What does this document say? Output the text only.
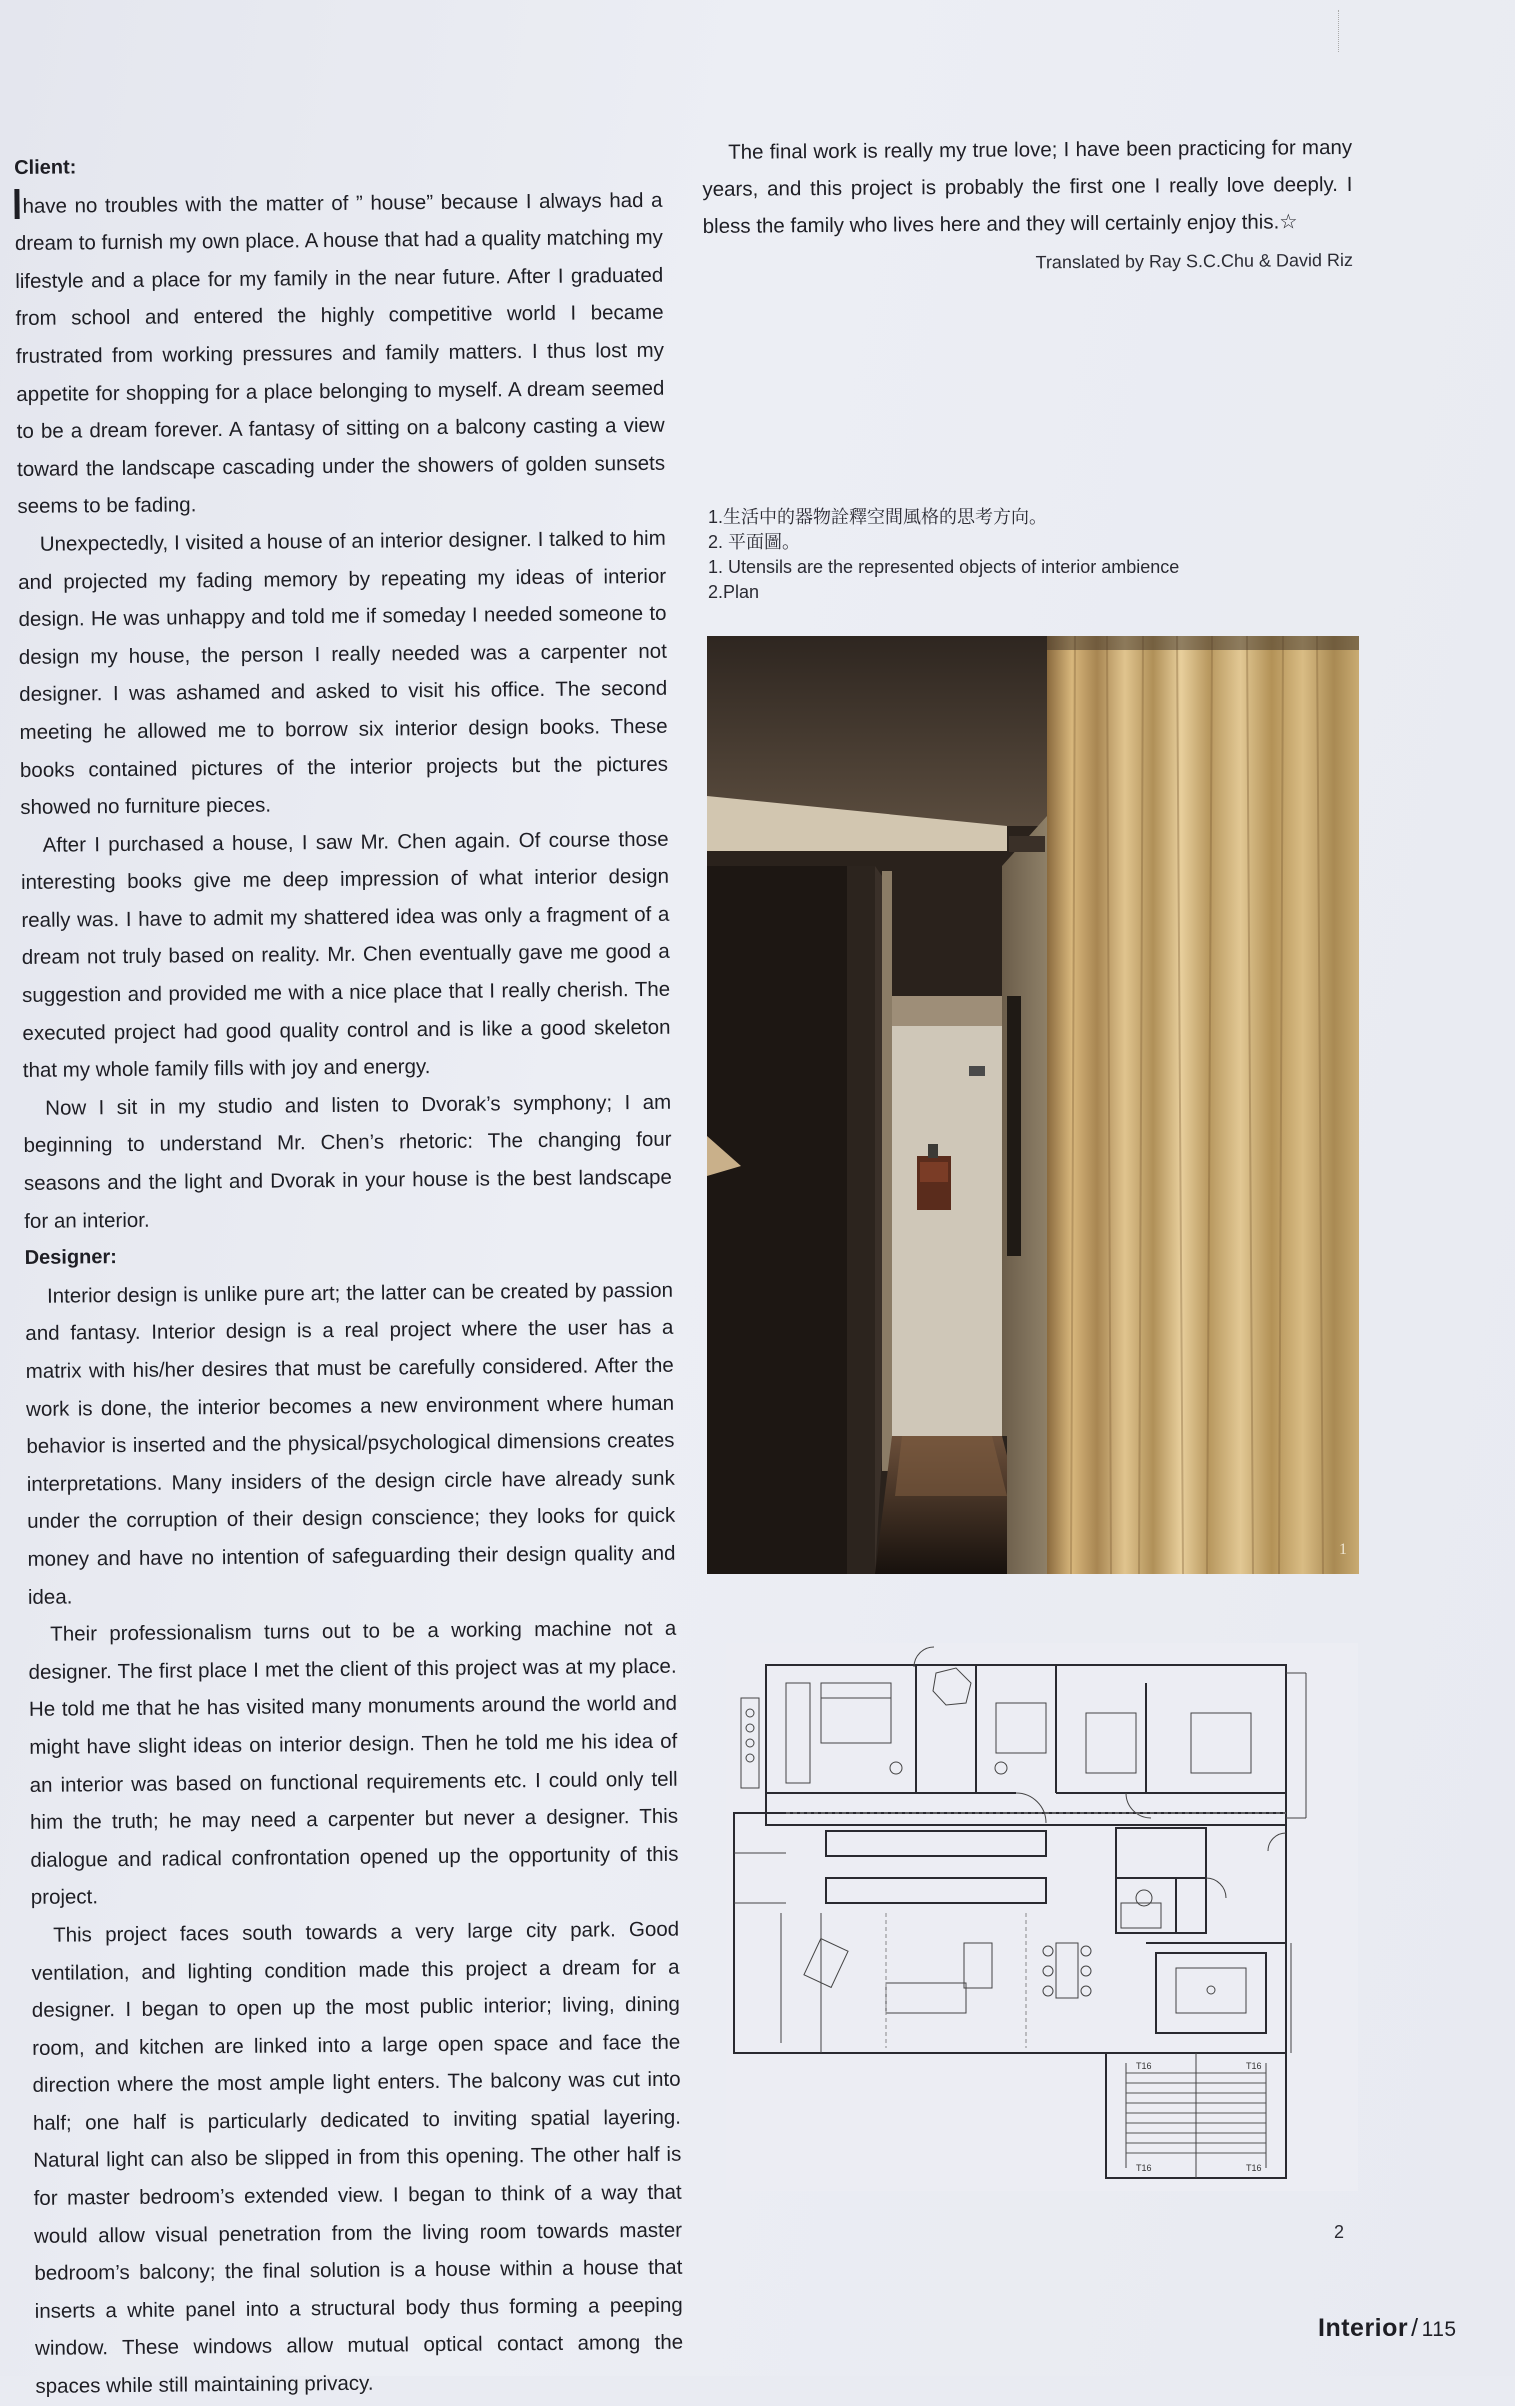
Client:

have no troubles with the matter of ” house” because I always had a dream to furnish my own place. A house that had a quality matching my lifestyle and a place for my family in the near future. After I graduated from school and entered the highly competitive world I became frustrated from working pressures and family matters. I thus lost my appetite for shopping for a place belonging to myself. A dream seemed to be a dream forever. A fantasy of sitting on a balcony casting a view toward the landscape cascading under the showers of golden sunsets seems to be fading.

Unexpectedly, I visited a house of an interior designer. I talked to him and projected my fading memory by repeating my ideas of interior design. He was unhappy and told me if someday I needed someone to design my house, the person I really needed was a carpenter not designer. I was ashamed and asked to visit his office. The second meeting he allowed me to borrow six interior design books. These books contained pictures of the interior projects but the pictures showed no furniture pieces.

After I purchased a house, I saw Mr. Chen again. Of course those interesting books give me deep impression of what interior design really was. I have to admit my shattered idea was only a fragment of a dream not truly based on reality. Mr. Chen eventually gave me good a suggestion and provided me with a nice place that I really cherish. The executed project had good quality control and is like a good skeleton that my whole family fills with joy and energy.

Now I sit in my studio and listen to Dvorak’s symphony; I am beginning to understand Mr. Chen’s rhetoric: The changing four seasons and the light and Dvorak in your house is the best landscape for an interior.

Designer:

Interior design is unlike pure art; the latter can be created by passion and fantasy. Interior design is a real project where the user has a matrix with his/her desires that must be carefully considered. After the work is done, the interior becomes a new environment where human behavior is inserted and the physical/psychological dimensions creates interpretations. Many insiders of the design circle have already sunk under the corruption of their design conscience; they looks for quick money and have no intention of safeguarding their design quality and idea.

Their professionalism turns out to be a working machine not a designer. The first place I met the client of this project was at my place. He told me that he has visited many monuments around the world and might have slight ideas on interior design. Then he told me his idea of an interior was based on functional requirements etc. I could only tell him the truth; he may need a carpenter but never a designer. This dialogue and radical confrontation opened up the opportunity of this project.

This project faces south towards a very large city park. Good ventilation, and lighting condition made this project a dream for a designer. I began to open up the most public interior; living, dining room, and kitchen are linked into a large open space and face the direction where the most ample light enters. The balcony was cut into half; one half is particularly dedicated to inviting spatial layering. Natural light can also be slipped in from this opening. The other half is for master bedroom’s extended view. I began to think of a way that would allow visual penetration from the living room towards master bedroom’s balcony; the final solution is a house within a house that inserts a white panel into a structural body thus forming a peeping window. These windows allow mutual optical contact among the spaces while still maintaining privacy.

The final work is really my true love; I have been practicing for many years, and this project is probably the first one I really love deeply. I bless the family who lives here and they will certainly enjoy this.☆

Translated by Ray S.C.Chu & David Riz
1.生活中的器物詮釋空間風格的思考方向。
2. 平面圖。
1. Utensils are the represented objects of interior ambience
2.Plan
1
T16	T16
T16	T16
2
Interior / 115
